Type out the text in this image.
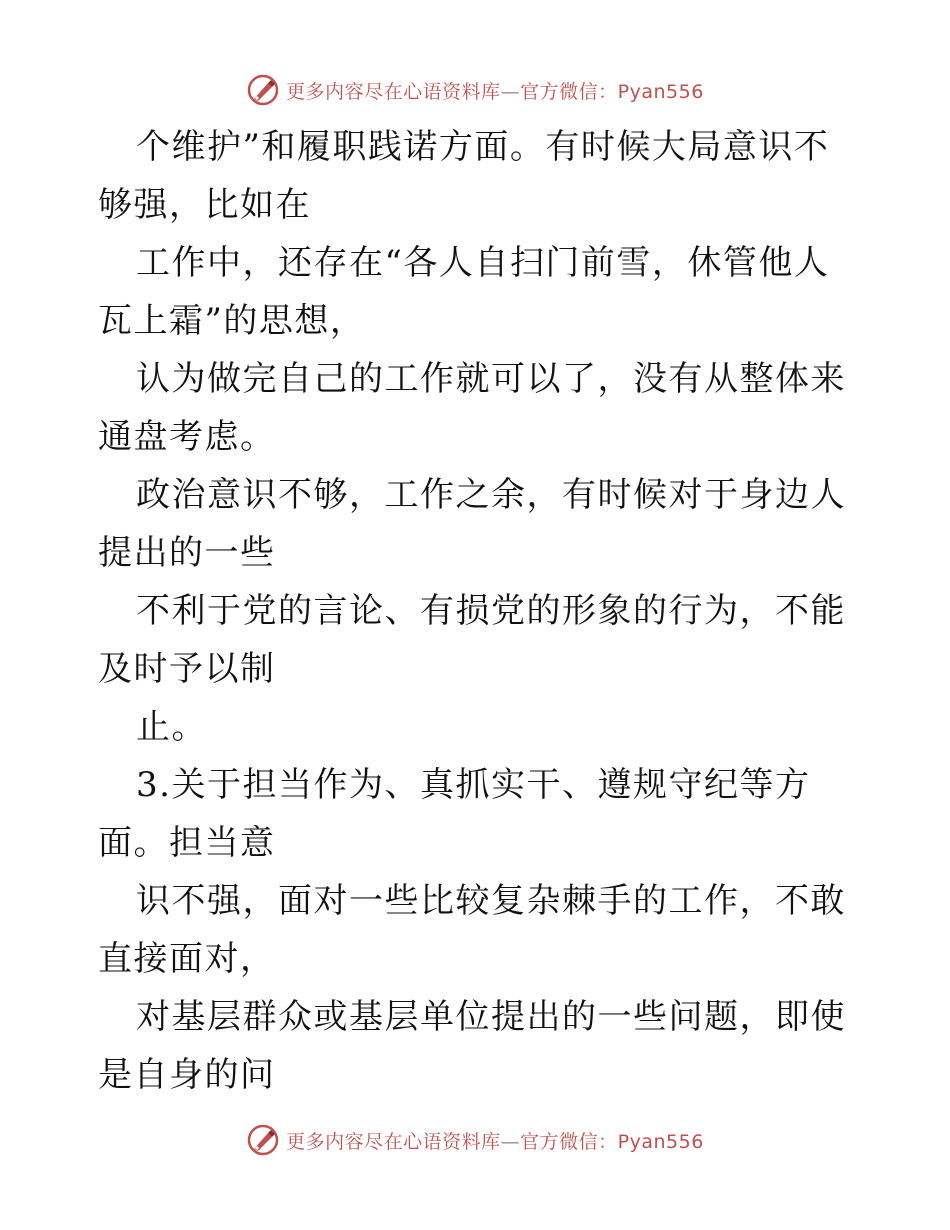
更多内容尽在心语资料库—官方微信：Pyan556

个维护”和履职践诺方面。有时候大局意识不够强，比如在

工作中，还存在“各人自扫门前雪，休管他人瓦上霜”的思想，

认为做完自己的工作就可以了，没有从整体来通盘考虑。

政治意识不够，工作之余，有时候对于身边人提出的一些

不利于党的言论、有损党的形象的行为，不能及时予以制

止。

3.关于担当作为、真抓实干、遵规守纪等方面。担当意

识不强，面对一些比较复杂棘手的工作，不敢直接面对，

对基层群众或基层单位提出的一些问题，即使是自身的问

更多内容尽在心语资料库—官方微信：Pyan556
